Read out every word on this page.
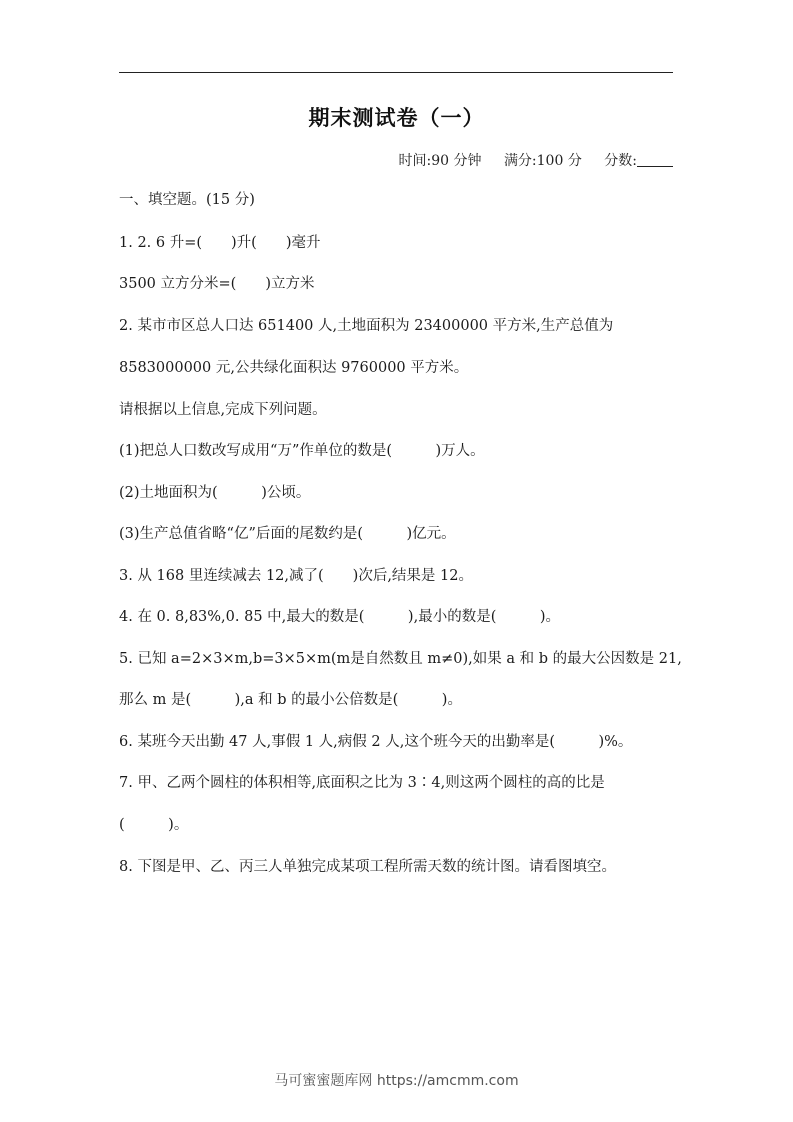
期末测试卷（一）
时间:90 分钟 满分:100 分 分数:
一、填空题。(15 分)
1. 2. 6 升=(　　)升(　　)毫升
3500 立方分米=(　　)立方米
2. 某市市区总人口达 651400 人,土地面积为 23400000 平方米,生产总值为
8583000000 元,公共绿化面积达 9760000 平方米。
请根据以上信息,完成下列问题。
(1)把总人口数改写成用“万”作单位的数是(　　　)万人。
(2)土地面积为(　　　)公顷。
(3)生产总值省略“亿”后面的尾数约是(　　　)亿元。
3. 从 168 里连续减去 12,减了(　　)次后,结果是 12。
4. 在 0. 8,83%,0. 85 中,最大的数是(　　　),最小的数是(　　　)。
5. 已知 a=2×3×m,b=3×5×m(m是自然数且 m≠0),如果 a 和 b 的最大公因数是 21,
那么 m 是(　　　),a 和 b 的最小公倍数是(　　　)。
6. 某班今天出勤 47 人,事假 1 人,病假 2 人,这个班今天的出勤率是(　　　)%。
7. 甲、乙两个圆柱的体积相等,底面积之比为 3∶4,则这两个圆柱的高的比是
(　　　)。
8. 下图是甲、乙、丙三人单独完成某项工程所需天数的统计图。请看图填空。
马可蜜蜜题库网 https://amcmm.com
